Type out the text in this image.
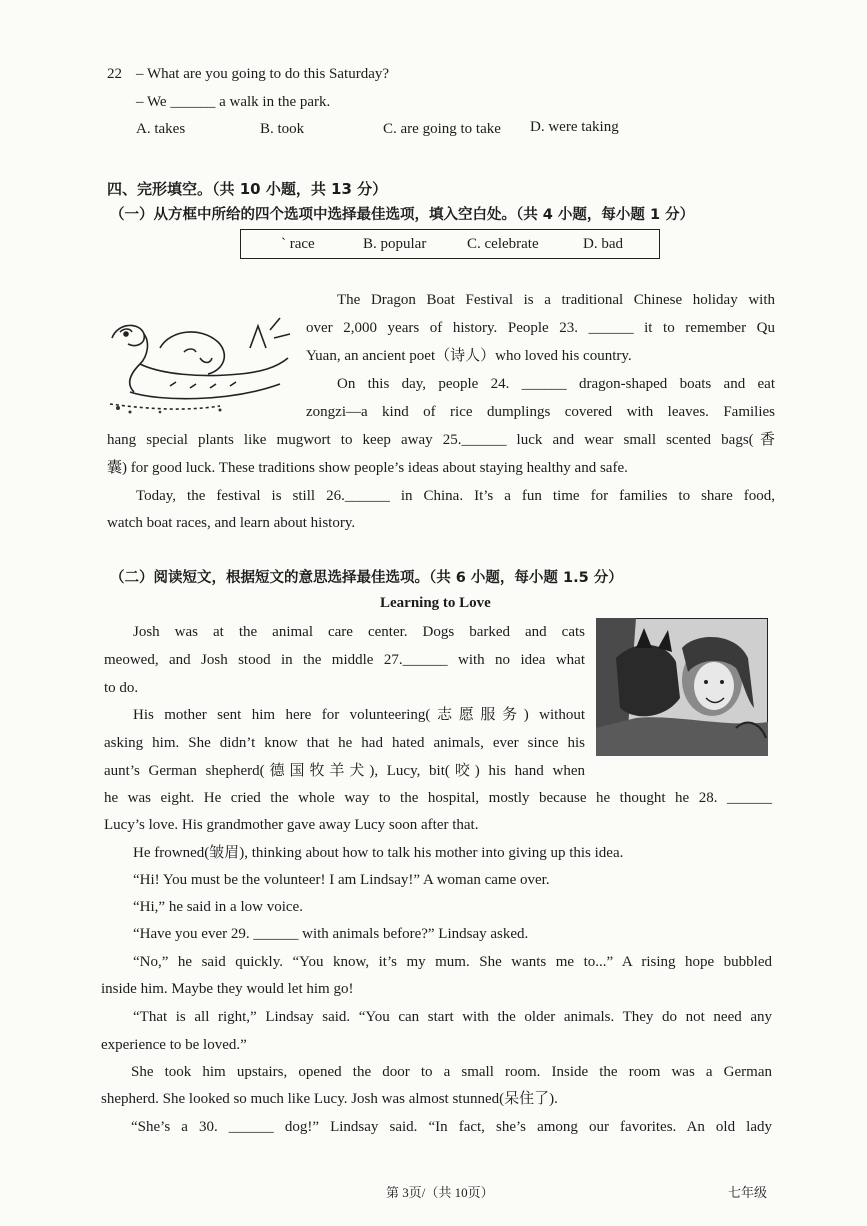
22 – What are you going to do this Saturday?
– We ______ a walk in the park.
A. takes	B. took	C. are going to take D. were taking
四、完形填空。（共 10 小题，共 13 分）
（一）从方框中所给的四个选项中选择最佳选项，填入空白处。（共 4 小题，每小题 1 分）
` race	B. popular	C. celebrate	D. bad
The Dragon Boat Festival is a traditional Chinese holiday with
over 2,000 years of history. People 23. ______ it to remember Qu
Yuan, an ancient poet（诗人）who loved his country.
On this day, people 24. ______ dragon-shaped boats and eat
zongzi—a kind of rice dumplings covered with leaves. Families
hang special plants like mugwort to keep away 25.______ luck and wear small scented bags(香
囊) for good luck. These traditions show people’s ideas about staying healthy and safe.
Today, the festival is still 26.______ in China. It’s a fun time for families to share food,
watch boat races, and learn about history.
（二）阅读短文，根据短文的意思选择最佳选项。（共 6 小题，每小题 1.5 分）
Learning to Love
Josh was at the animal care center. Dogs barked and cats
meowed, and Josh stood in the middle 27.______ with no idea what
to do.
His mother sent him here for volunteering(志愿服务) without
asking him. She didn’t know that he had hated animals, ever since his
aunt’s German shepherd(德国牧羊犬), Lucy, bit(咬) his hand when
he was eight. He cried the whole way to the hospital, mostly because he thought he 28. ______
Lucy’s love. His grandmother gave away Lucy soon after that.
He frowned(皱眉), thinking about how to talk his mother into giving up this idea.
“Hi! You must be the volunteer! I am Lindsay!” A woman came over.
“Hi,” he said in a low voice.
“Have you ever 29. ______ with animals before?” Lindsay asked.
“No,” he said quickly. “You know, it’s my mum. She wants me to...” A rising hope bubbled
inside him. Maybe they would let him go!
“That is all right,” Lindsay said. “You can start with the older animals. They do not need any
experience to be loved.”
She took him upstairs, opened the door to a small room. Inside the room was a German
shepherd. She looked so much like Lucy. Josh was almost stunned(呆住了).
“She’s a 30. ______ dog!” Lindsay said. “In fact, she’s among our favorites. An old lady
第 3页/（共 10页）	七年级
